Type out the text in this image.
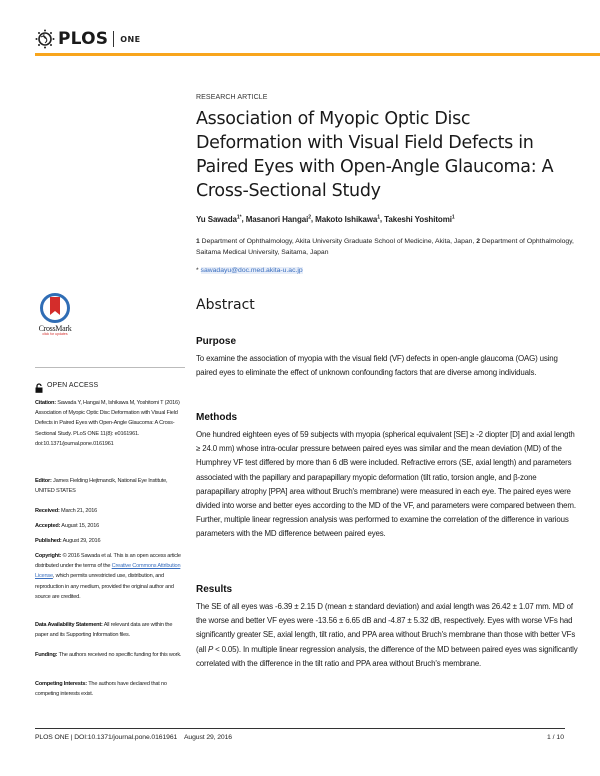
PLOS ONE
RESEARCH ARTICLE
Association of Myopic Optic Disc Deformation with Visual Field Defects in Paired Eyes with Open-Angle Glaucoma: A Cross-Sectional Study
Yu Sawada$^{1*}$, Masanori Hangai$^2$, Makoto Ishikawa$^1$, Takeshi Yoshitomi$^1$
1 Department of Ophthalmology, Akita University Graduate School of Medicine, Akita, Japan, 2 Department of Ophthalmology, Saitama Medical University, Saitama, Japan
* sawadayu@doc.med.akita-u.ac.jp
Abstract
Purpose

To examine the association of myopia with the visual field (VF) defects in open-angle glaucoma (OAG) using paired eyes to eliminate the effect of unknown confounding factors that are diverse among individuals.

Methods

One hundred eighteen eyes of 59 subjects with myopia (spherical equivalent [SE] ≥ -2 diopter [D] and axial length ≥ 24.0 mm) whose intra-ocular pressure between paired eyes was similar and the mean deviation (MD) of the Humphrey VF test differed by more than 6 dB were included. Refractive errors (SE, axial length) and parameters associated with the papillary and parapapillary myopic deformation (tilt ratio, torsion angle, and β-zone parapapillary atrophy [PPA] area without Bruch's membrane) were measured in each eye. The paired eyes were divided into worse and better eyes according to the MD of the VF, and parameters were compared between them. Further, multiple linear regression analysis was performed to examine the correlation of the difference in various parameters with the MD difference between paired eyes.

Results

The SE of all eyes was -6.39 ± 2.15 D (mean ± standard deviation) and axial length was 26.42 ± 1.07 mm. MD of the worse and better VF eyes were -13.56 ± 6.65 dB and -4.87 ± 5.32 dB, respectively. Eyes with worse VFs had significantly greater SE, axial length, tilt ratio, and PPA area without Bruch's membrane than those with better VFs (all P < 0.05). In multiple linear regression analysis, the difference of the MD between paired eyes was significantly correlated with the difference in the tilt ratio and PPA area without Bruch's membrane.

CrossMark
click for updates
OPEN ACCESS
Citation: Sawada Y, Hangai M, Ishikawa M, Yoshitomi T (2016) Association of Myopic Optic Disc Deformation with Visual Field Defects in Paired Eyes with Open-Angle Glaucoma: A Cross-Sectional Study. PLoS ONE 11(8): e0161961. doi:10.1371/journal.pone.0161961
Editor: James Fielding Hejtmancik, National Eye Institute, UNITED STATES
Received: March 21, 2016
Accepted: August 15, 2016
Published: August 29, 2016
Copyright: © 2016 Sawada et al. This is an open access article distributed under the terms of the Creative Commons Attribution License, which permits unrestricted use, distribution, and reproduction in any medium, provided the original author and source are credited.
Data Availability Statement: All relevant data are within the paper and its Supporting Information files.
Funding: The authors received no specific funding for this work.
Competing Interests: The authors have declared that no competing interests exist.
PLOS ONE | DOI:10.1371/journal.pone.0161961    August 29, 2016	1 / 10
